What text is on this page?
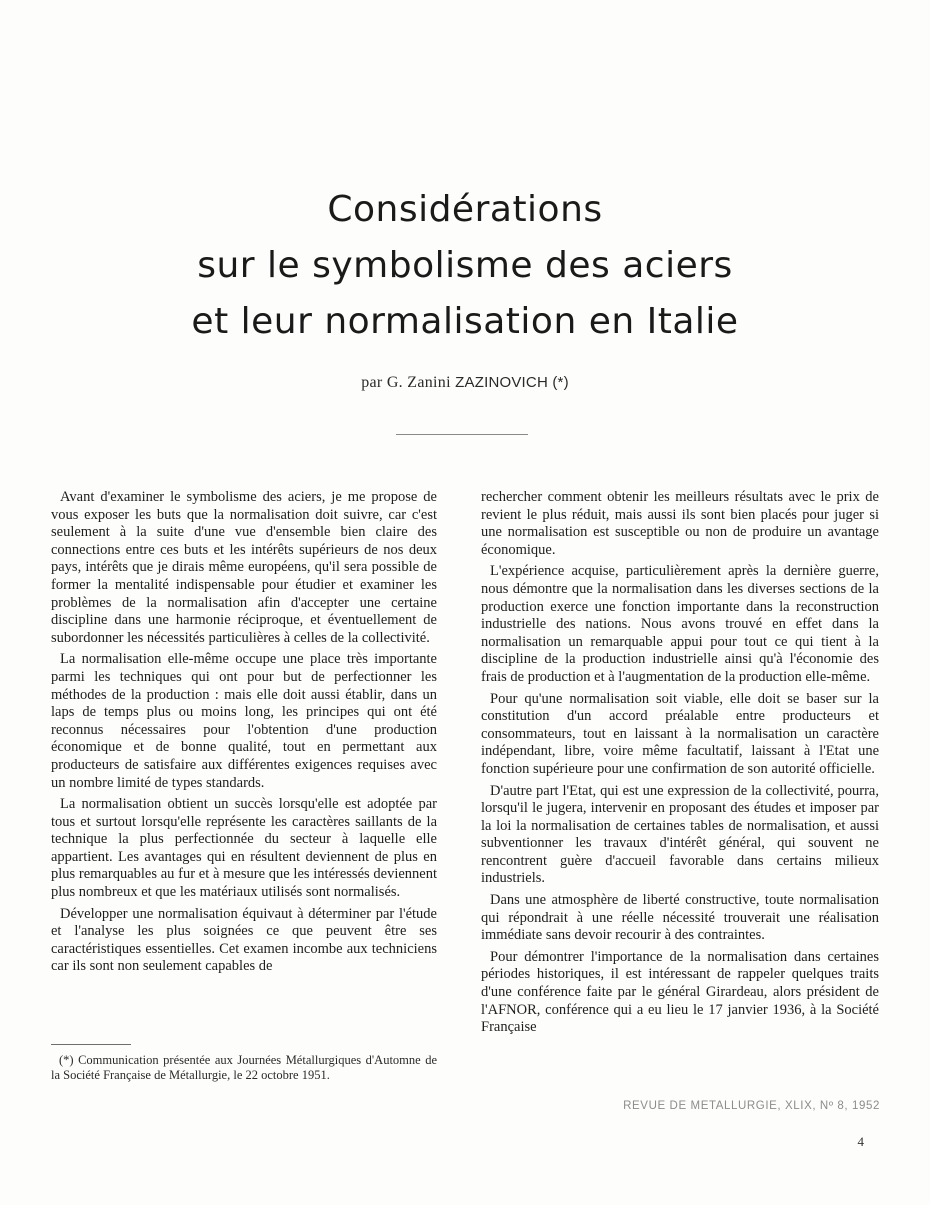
Considérations
sur le symbolisme des aciers
et leur normalisation en Italie
par G. Zanini ZAZINOVICH (*)

Avant d'examiner le symbolisme des aciers, je me propose de vous exposer les buts que la normalisation doit suivre, car c'est seulement à la suite d'une vue d'ensemble bien claire des connections entre ces buts et les intérêts supérieurs de nos deux pays, intérêts que je dirais même européens, qu'il sera possible de former la mentalité indispensable pour étudier et examiner les problèmes de la normalisation afin d'accepter une certaine discipline dans une harmonie réciproque, et éventuellement de subordonner les nécessités particulières à celles de la collectivité.

La normalisation elle-même occupe une place très importante parmi les techniques qui ont pour but de perfectionner les méthodes de la production : mais elle doit aussi établir, dans un laps de temps plus ou moins long, les principes qui ont été reconnus nécessaires pour l'obtention d'une production économique et de bonne qualité, tout en permettant aux producteurs de satisfaire aux différentes exigences requises avec un nombre limité de types standards.

La normalisation obtient un succès lorsqu'elle est adoptée par tous et surtout lorsqu'elle représente les caractères saillants de la technique la plus perfectionnée du secteur à laquelle elle appartient. Les avantages qui en résultent deviennent de plus en plus remarquables au fur et à mesure que les intéressés deviennent plus nombreux et que les matériaux utilisés sont normalisés.

Développer une normalisation équivaut à déterminer par l'étude et l'analyse les plus soignées ce que peuvent être ses caractéristiques essentielles. Cet examen incombe aux techniciens car ils sont non seulement capables de

(*) Communication présentée aux Journées Métallurgiques d'Automne de la Société Française de Métallurgie, le 22 octobre 1951.

rechercher comment obtenir les meilleurs résultats avec le prix de revient le plus réduit, mais aussi ils sont bien placés pour juger si une normalisation est susceptible ou non de produire un avantage économique.

L'expérience acquise, particulièrement après la dernière guerre, nous démontre que la normalisation dans les diverses sections de la production exerce une fonction importante dans la reconstruction industrielle des nations. Nous avons trouvé en effet dans la normalisation un remarquable appui pour tout ce qui tient à la discipline de la production industrielle ainsi qu'à l'économie des frais de production et à l'augmentation de la production elle-même.

Pour qu'une normalisation soit viable, elle doit se baser sur la constitution d'un accord préalable entre producteurs et consommateurs, tout en laissant à la normalisation un caractère indépendant, libre, voire même facultatif, laissant à l'Etat une fonction supérieure pour une confirmation de son autorité officielle.

D'autre part l'Etat, qui est une expression de la collectivité, pourra, lorsqu'il le jugera, intervenir en proposant des études et imposer par la loi la normalisation de certaines tables de normalisation, et aussi subventionner les travaux d'intérêt général, qui souvent ne rencontrent guère d'accueil favorable dans certains milieux industriels.

Dans une atmosphère de liberté constructive, toute normalisation qui répondrait à une réelle nécessité trouverait une réalisation immédiate sans devoir recourir à des contraintes.

Pour démontrer l'importance de la normalisation dans certaines périodes historiques, il est intéressant de rappeler quelques traits d'une conférence faite par le général Girardeau, alors président de l'AFNOR, conférence qui a eu lieu le 17 janvier 1936, à la Société Française

REVUE DE METALLURGIE, XLIX, Nº 8, 1952
4
